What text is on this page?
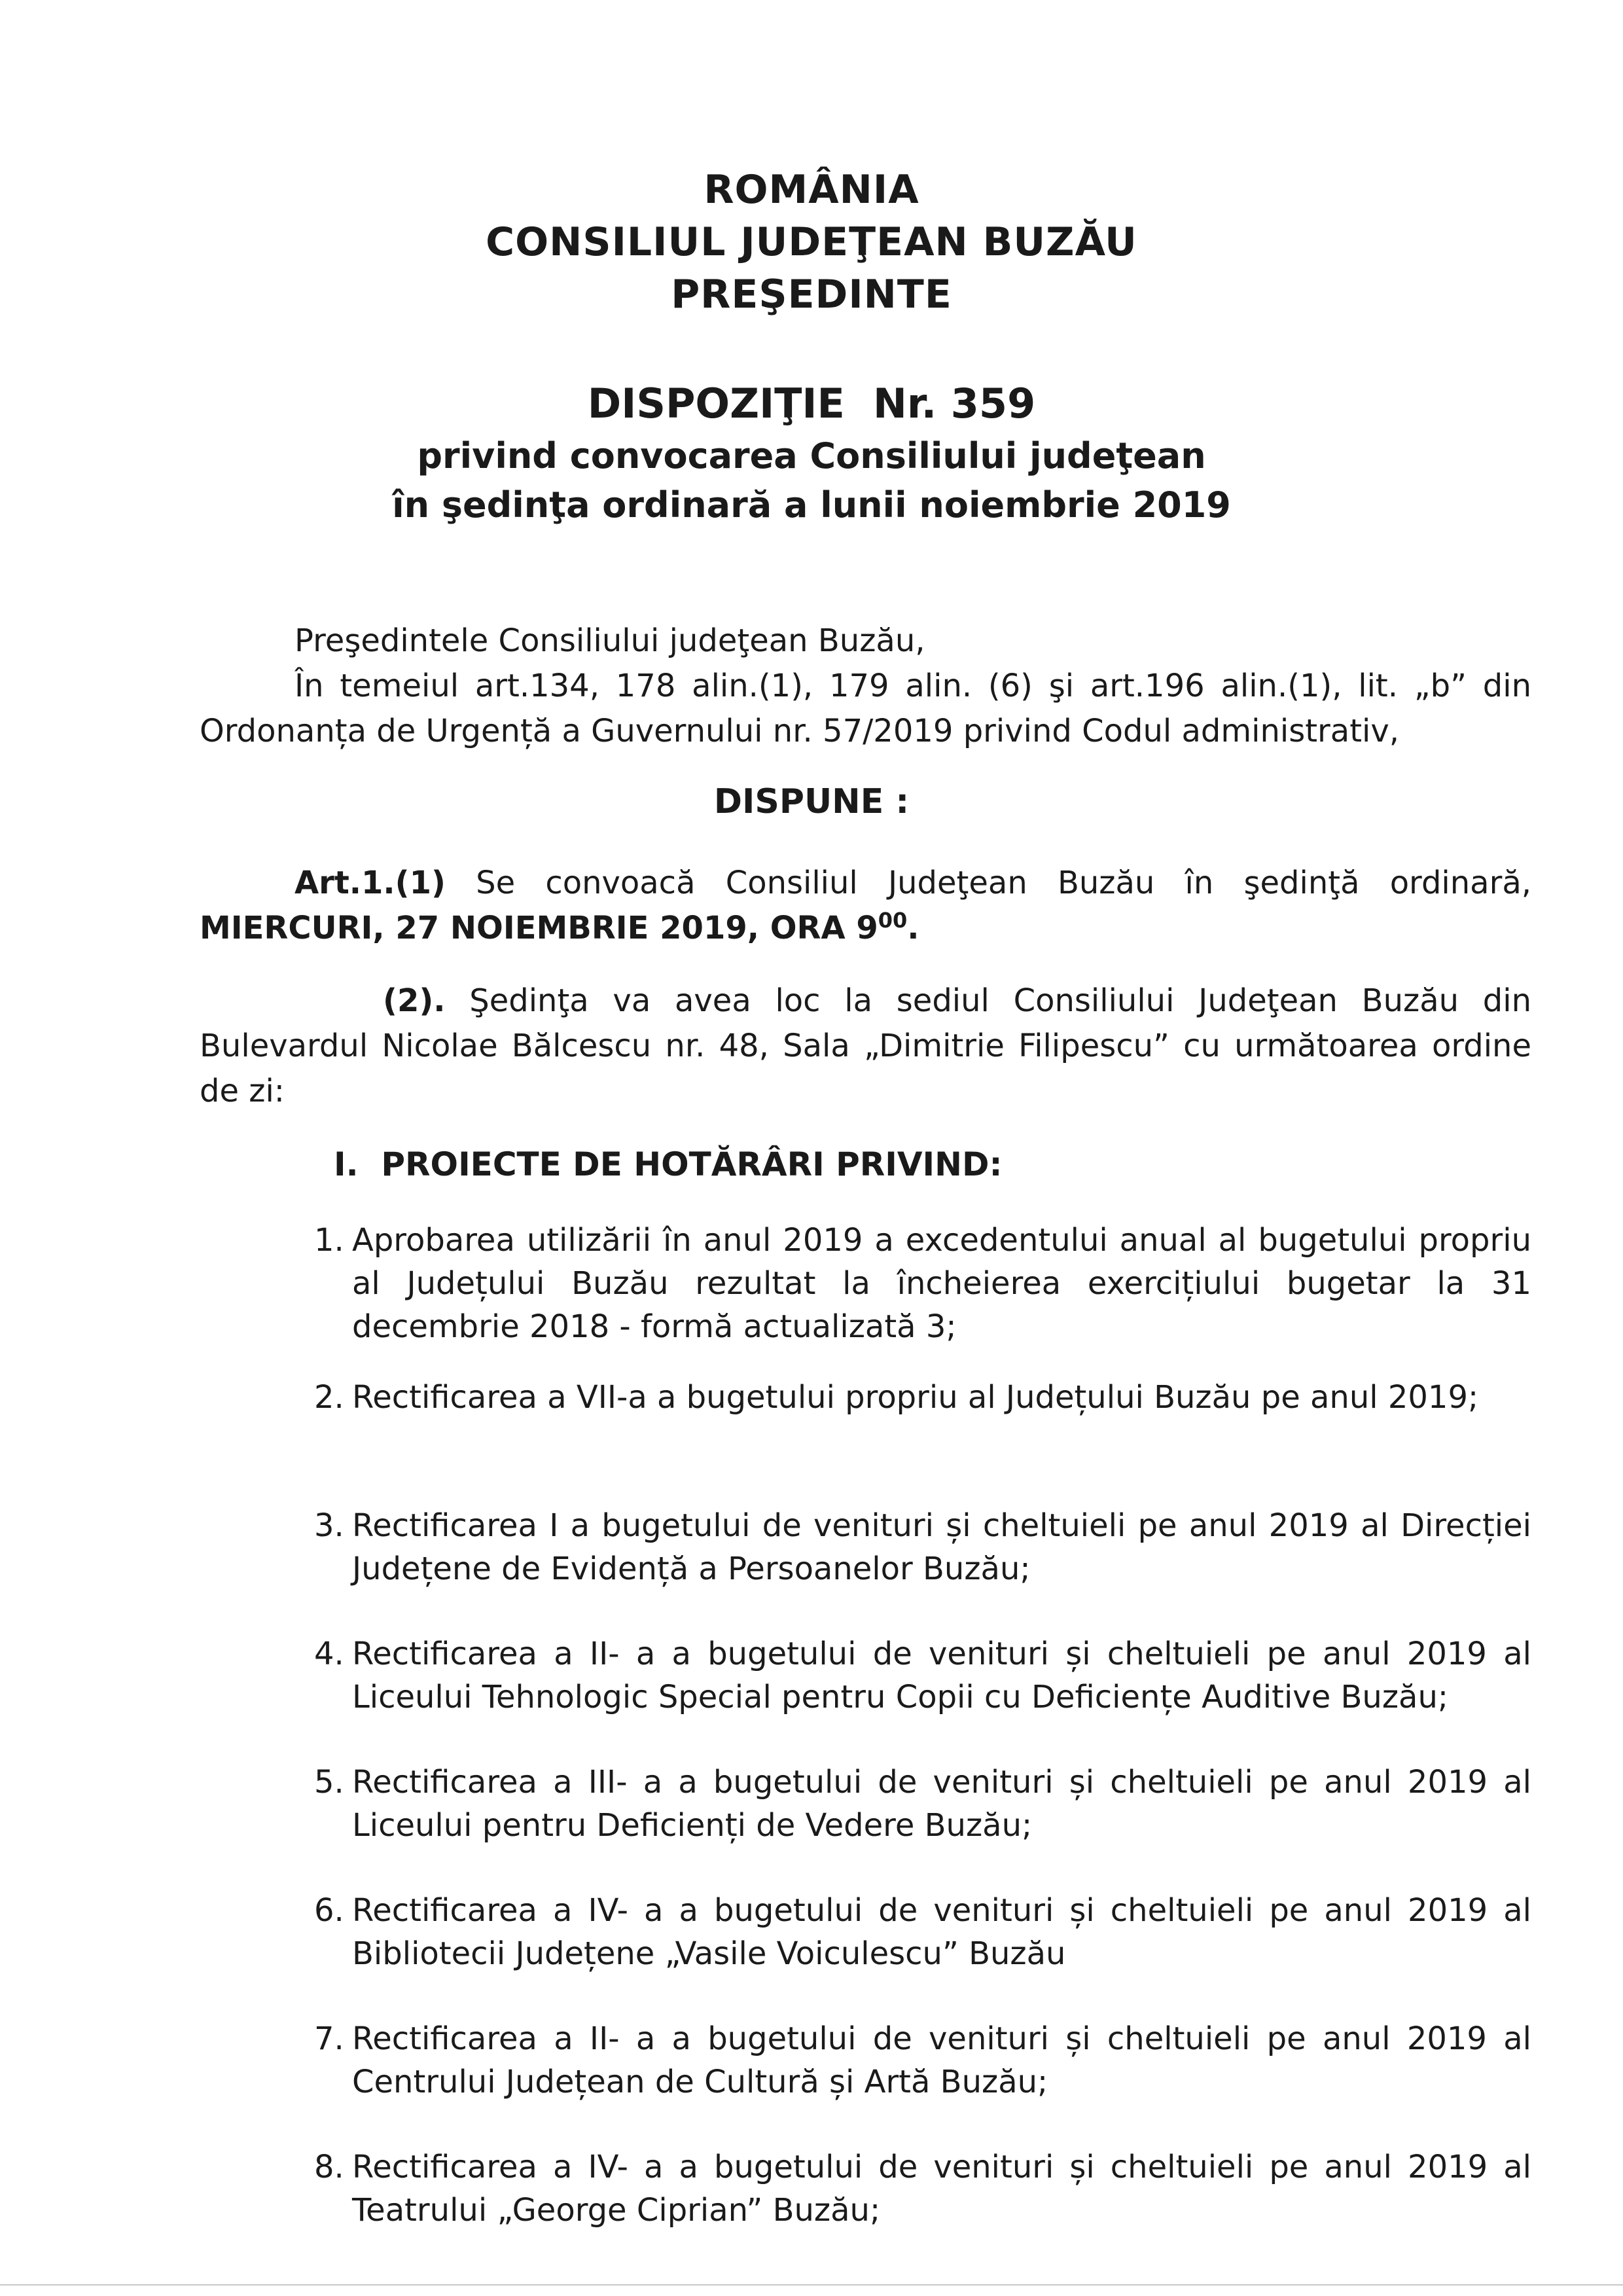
ROMÂNIA
CONSILIUL JUDEŢEAN BUZĂU
PREŞEDINTE
DISPOZIŢIE  Nr. 359
privind convocarea Consiliului judeţean
în şedinţa ordinară a lunii noiembrie 2019
Preşedintele Consiliului judeţean Buzău,
În temeiul art.134, 178 alin.(1), 179 alin. (6) şi art.196 alin.(1), lit. „b” din Ordonanța de Urgență a Guvernului nr. 57/2019 privind Codul administrativ,
DISPUNE :
Art.1.(1) Se convoacă Consiliul Judeţean Buzău în şedinţă ordinară, MIERCURI, 27 NOIEMBRIE 2019, ORA $9^{00}$.
(2). Şedinţa va avea loc la sediul Consiliului Judeţean Buzău din Bulevardul Nicolae Bălcescu nr. 48, Sala „Dimitrie Filipescu” cu următoarea ordine de zi:
I.  PROIECTE DE HOTĂRÂRI PRIVIND:
1. Aprobarea utilizării în anul 2019 a excedentului anual al bugetului propriu al Județului Buzău rezultat la încheierea exercițiului bugetar la 31 decembrie 2018 - formă actualizată 3;
2. Rectificarea a VII-a a bugetului propriu al Județului Buzău pe anul 2019;
3. Rectificarea I a bugetului de venituri și cheltuieli pe anul 2019 al Direcției Județene de Evidență a Persoanelor Buzău;
4. Rectificarea a II- a a bugetului de venituri și cheltuieli pe anul 2019 al Liceului Tehnologic Special pentru Copii cu Deficiențe Auditive Buzău;
5. Rectificarea a III- a a bugetului de venituri și cheltuieli pe anul 2019 al Liceului pentru Deficienți de Vedere Buzău;
6. Rectificarea a IV- a a bugetului de venituri și cheltuieli pe anul 2019 al Bibliotecii Județene „Vasile Voiculescu” Buzău
7. Rectificarea a II- a a bugetului de venituri și cheltuieli pe anul 2019 al Centrului Județean de Cultură și Artă Buzău;
8. Rectificarea a IV- a a bugetului de venituri și cheltuieli pe anul 2019 al Teatrului „George Ciprian” Buzău;
